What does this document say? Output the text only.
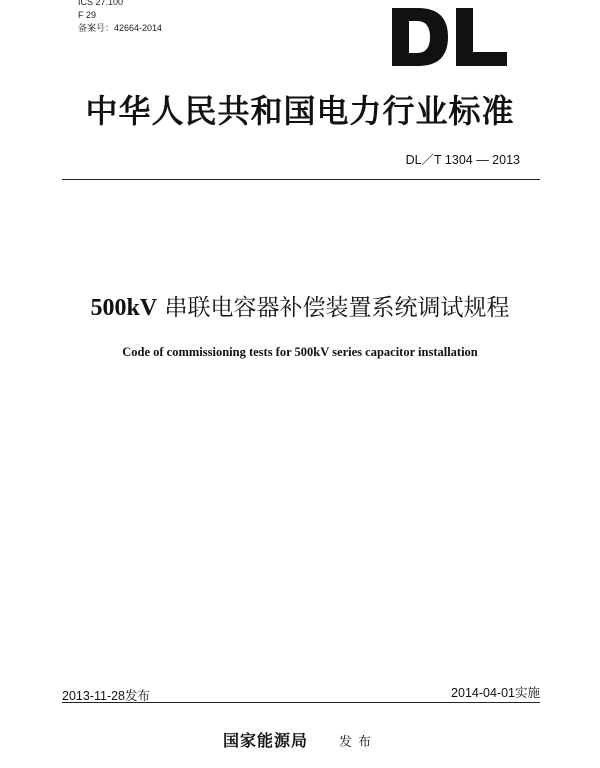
ICS 27.100
F 29
备案号：42664-2014
中华人民共和国电力行业标准
DL／T 1304 — 2013
500kV 串联电容器补偿装置系统调试规程
Code of commissioning tests for 500kV series capacitor installation
2013-11-28发布	2014-04-01实施
国家能源局 发布
